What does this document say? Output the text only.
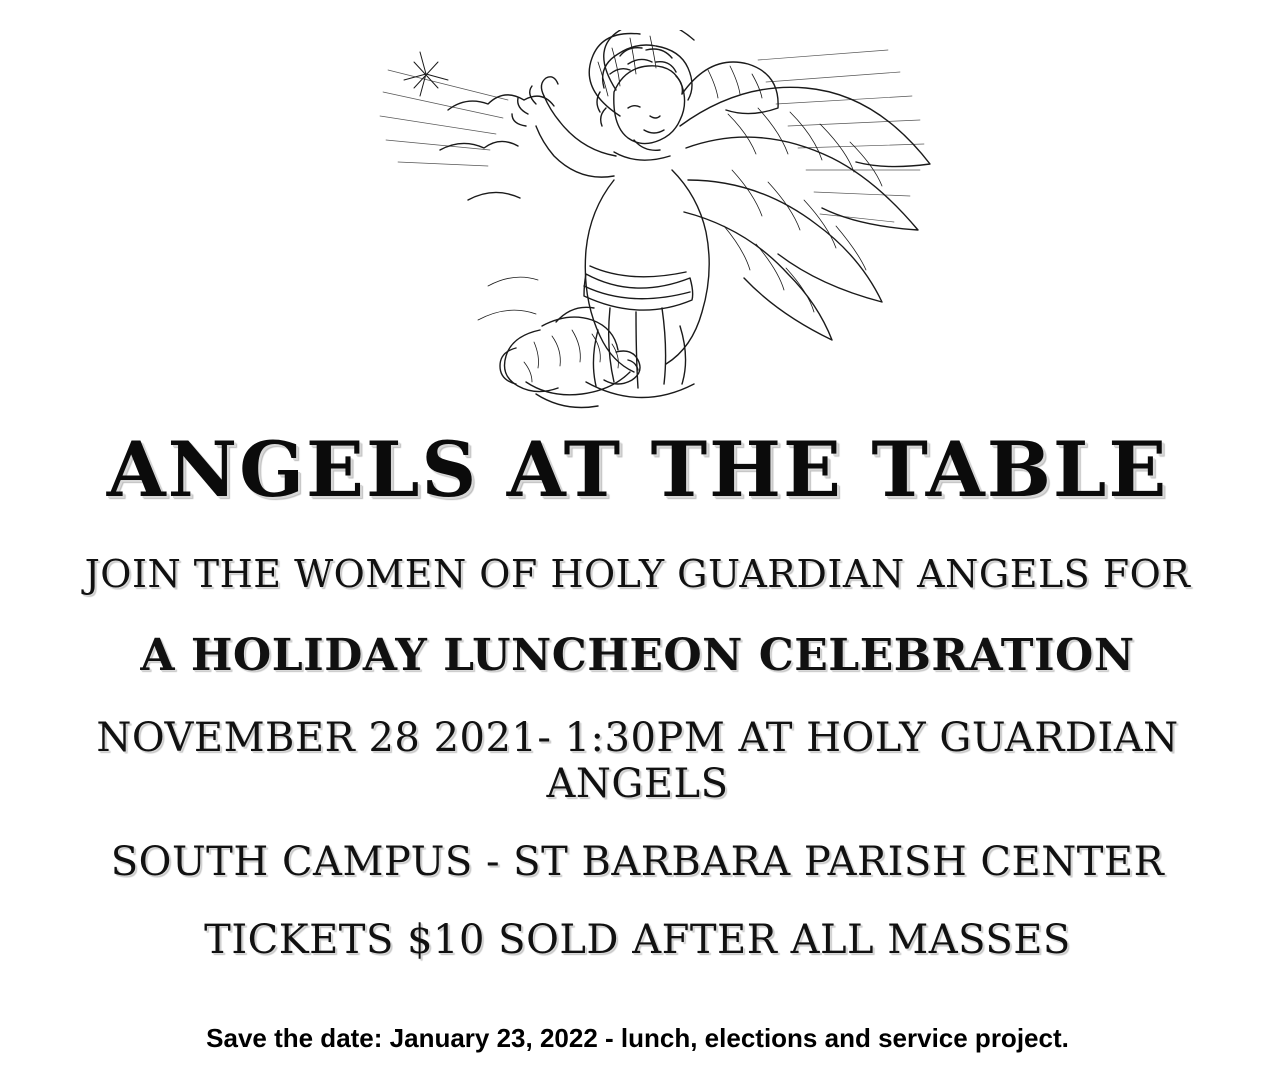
ANGELS AT THE TABLE

JOIN THE WOMEN OF HOLY GUARDIAN ANGELS FOR

A HOLIDAY LUNCHEON CELEBRATION

NOVEMBER 28 2021- 1:30PM AT HOLY GUARDIAN ANGELS

SOUTH CAMPUS - ST BARBARA PARISH CENTER

TICKETS $10 SOLD AFTER ALL MASSES

Save the date: January 23, 2022 - lunch, elections and service project.
